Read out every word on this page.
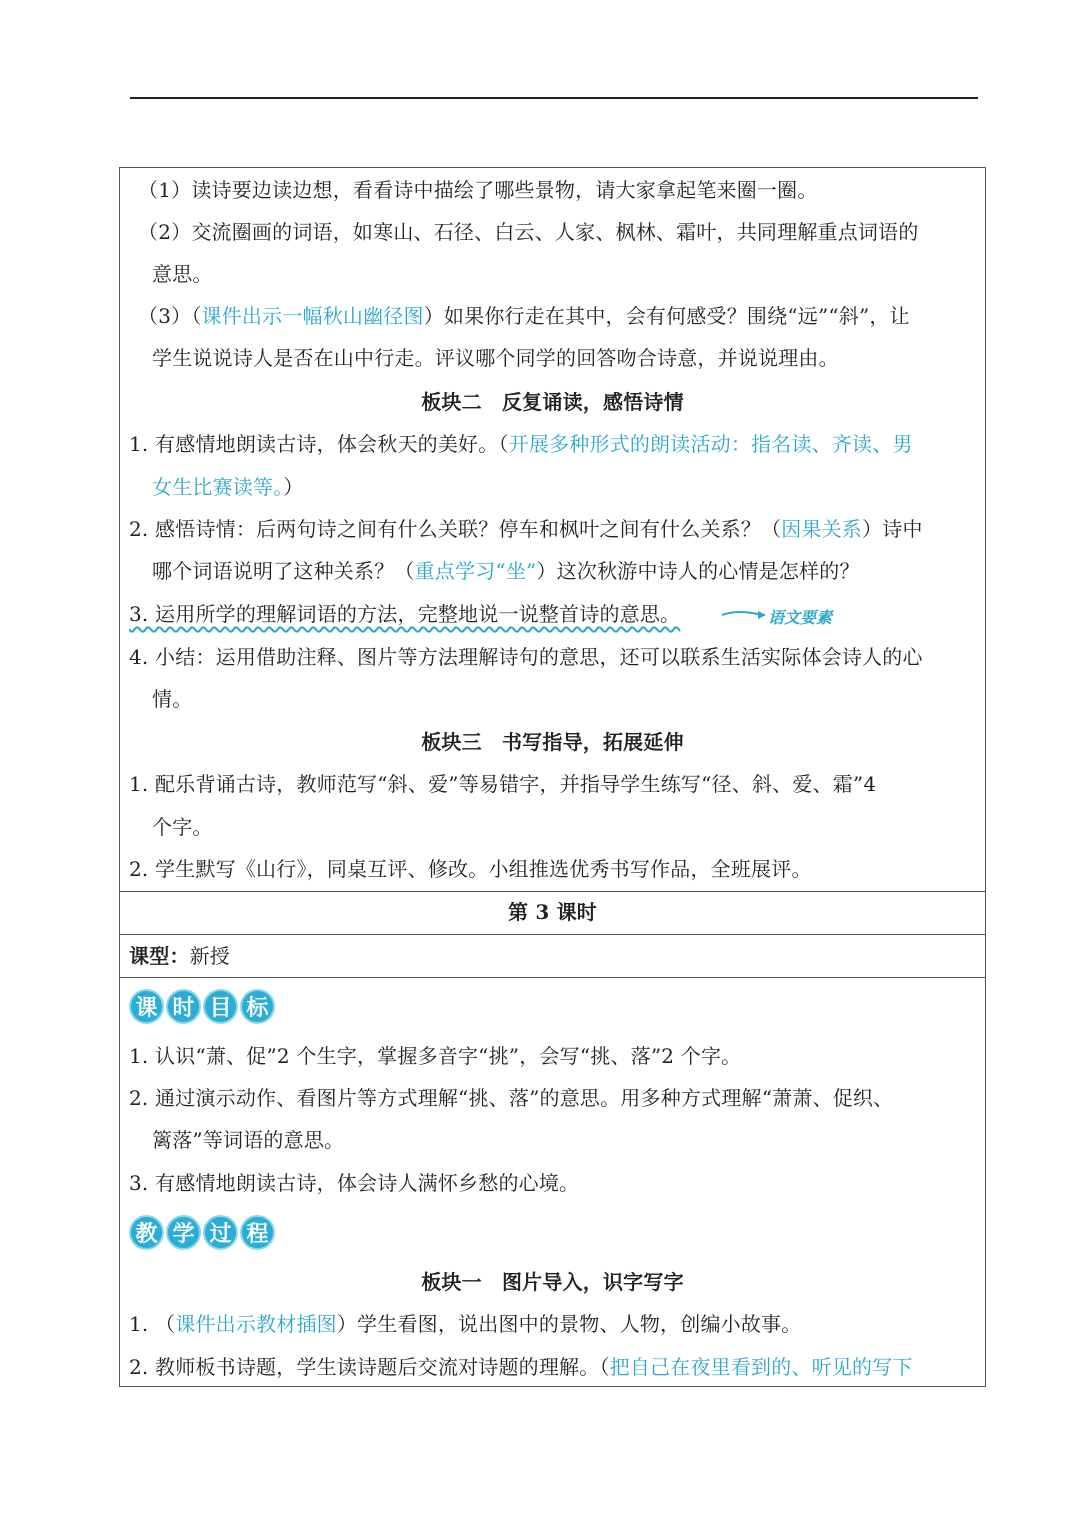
（1）读诗要边读边想，看看诗中描绘了哪些景物，请大家拿起笔来圈一圈。
（2）交流圈画的词语，如寒山、石径、白云、人家、枫林、霜叶，共同理解重点词语的
意思。
（3）（课件出示一幅秋山幽径图）如果你行走在其中，会有何感受？围绕“远”“斜”，让
学生说说诗人是否在山中行走。评议哪个同学的回答吻合诗意，并说说理由。
板块二　反复诵读，感悟诗情
1. 有感情地朗读古诗，体会秋天的美好。（开展多种形式的朗读活动：指名读、齐读、男
女生比赛读等。）
2. 感悟诗情：后两句诗之间有什么关联？停车和枫叶之间有什么关系？（因果关系）诗中
哪个词语说明了这种关系？（重点学习“坐”）这次秋游中诗人的心情是怎样的？
3. 运用所学的理解词语的方法，完整地说一说整首诗的意思。	语文要素
4. 小结：运用借助注释、图片等方法理解诗句的意思，还可以联系生活实际体会诗人的心
情。
板块三　书写指导，拓展延伸
1. 配乐背诵古诗，教师范写“斜、爱”等易错字，并指导学生练写“径、斜、爱、霜”4
个字。
2. 学生默写《山行》，同桌互评、修改。小组推选优秀书写作品，全班展评。
第 3 课时
课型：新授
课 时 目 标
1. 认识“萧、促”2 个生字，掌握多音字“挑”，会写“挑、落”2 个字。
2. 通过演示动作、看图片等方式理解“挑、落”的意思。用多种方式理解“萧萧、促织、
篱落”等词语的意思。
3. 有感情地朗读古诗，体会诗人满怀乡愁的心境。
教 学 过 程
板块一　图片导入，识字写字
1. （课件出示教材插图）学生看图，说出图中的景物、人物，创编小故事。
2. 教师板书诗题，学生读诗题后交流对诗题的理解。（把自己在夜里看到的、听见的写下
